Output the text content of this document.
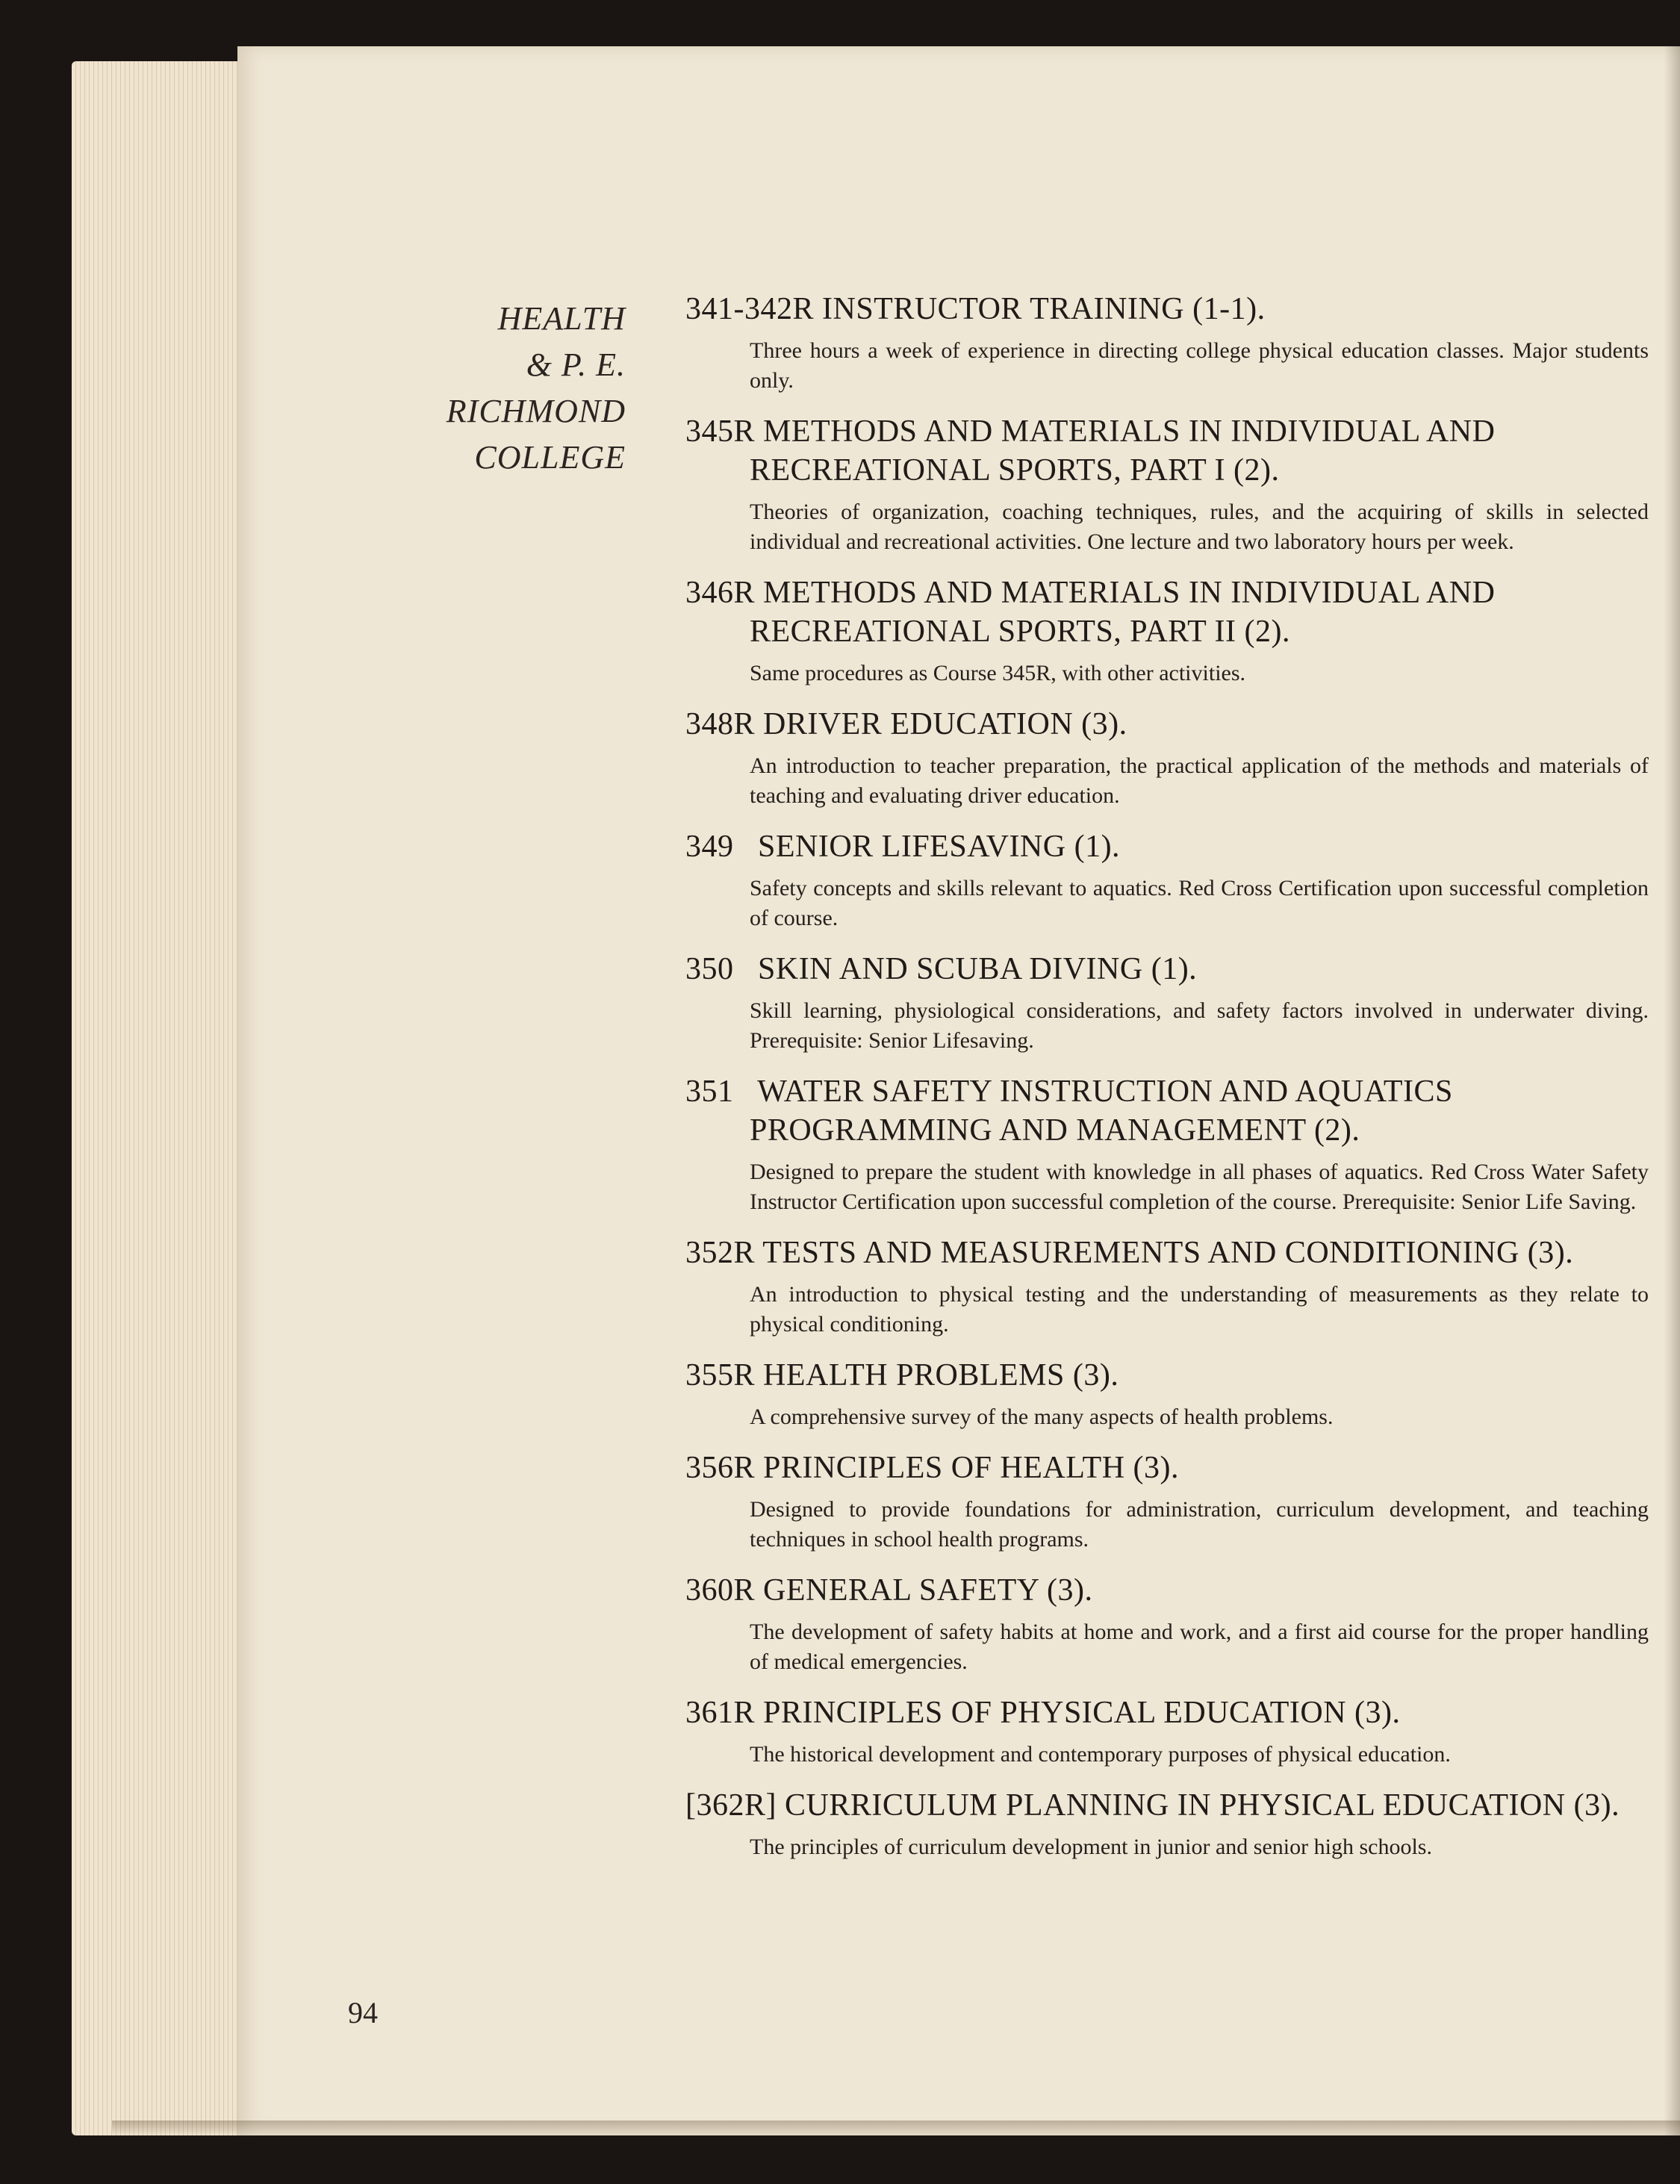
HEALTH
& P. E.
RICHMOND
COLLEGE
341-342R INSTRUCTOR TRAINING (1-1).
Three hours a week of experience in directing college physical education classes. Major students only.
345R METHODS AND MATERIALS IN INDIVIDUAL AND RECREATIONAL SPORTS, PART I (2).
Theories of organization, coaching techniques, rules, and the acquiring of skills in selected individual and recreational activities. One lecture and two laboratory hours per week.
346R METHODS AND MATERIALS IN INDIVIDUAL AND RECREATIONAL SPORTS, PART II (2).
Same procedures as Course 345R, with other activities.
348R DRIVER EDUCATION (3).
An introduction to teacher preparation, the practical application of the methods and materials of teaching and evaluating driver education.
349 SENIOR LIFESAVING (1).
Safety concepts and skills relevant to aquatics. Red Cross Certification upon successful completion of course.
350 SKIN AND SCUBA DIVING (1).
Skill learning, physiological considerations, and safety factors involved in underwater diving. Prerequisite: Senior Lifesaving.
351 WATER SAFETY INSTRUCTION AND AQUATICS PROGRAMMING AND MANAGEMENT (2).
Designed to prepare the student with knowledge in all phases of aquatics. Red Cross Water Safety Instructor Certification upon successful completion of the course. Prerequisite: Senior Life Saving.
352R TESTS AND MEASUREMENTS AND CONDITIONING (3).
An introduction to physical testing and the understanding of measurements as they relate to physical conditioning.
355R HEALTH PROBLEMS (3).
A comprehensive survey of the many aspects of health problems.
356R PRINCIPLES OF HEALTH (3).
Designed to provide foundations for administration, curriculum development, and teaching techniques in school health programs.
360R GENERAL SAFETY (3).
The development of safety habits at home and work, and a first aid course for the proper handling of medical emergencies.
361R PRINCIPLES OF PHYSICAL EDUCATION (3).
The historical development and contemporary purposes of physical education.
[362R] CURRICULUM PLANNING IN PHYSICAL EDUCATION (3).
The principles of curriculum development in junior and senior high schools.
94
